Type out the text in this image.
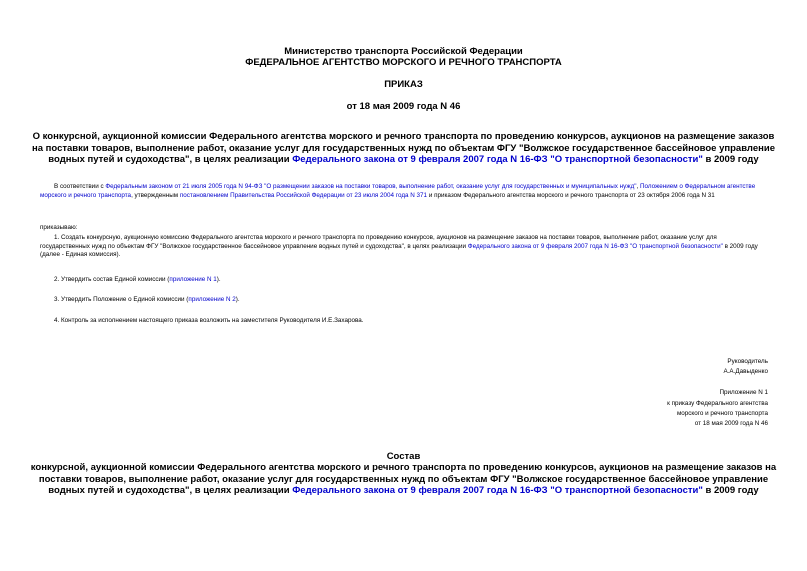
Министерство транспорта Российской Федерации
ФЕДЕРАЛЬНОЕ АГЕНТСТВО МОРСКОГО И РЕЧНОГО ТРАНСПОРТА
ПРИКАЗ
от 18 мая 2009 года N 46
О конкурсной, аукционной комиссии Федерального агентства морского и речного транспорта по проведению конкурсов, аукционов на размещение заказов на поставки товаров, выполнение работ, оказание услуг для государственных нужд по объектам ФГУ "Волжское государственное бассейновое управление водных путей и судоходства", в целях реализации Федерального закона от 9 февраля 2007 года N 16-ФЗ "О транспортной безопасности" в 2009 году
В соответствии с Федеральным законом от 21 июля 2005 года N 94-ФЗ "О размещении заказов на поставки товаров, выполнение работ, оказание услуг для государственных и муниципальных нужд", Положением о Федеральном агентстве морского и речного транспорта, утвержденным постановлением Правительства Российской Федерации от 23 июля 2004 года N 371 и приказом Федерального агентства морского и речного транспорта от 23 октября 2006 года N 31
приказываю:
1. Создать конкурсную, аукционную комиссию Федерального агентства морского и речного транспорта по проведению конкурсов, аукционов на размещение заказов на поставки товаров, выполнение работ, оказание услуг для государственных нужд по объектам ФГУ "Волжское государственное бассейновое управление водных путей и судоходства", в целях реализации Федерального закона от 9 февраля 2007 года N 16-ФЗ "О транспортной безопасности" в 2009 году (далее - Единая комиссия).
2. Утвердить состав Единой комиссии (приложение N 1).
3. Утвердить Положение о Единой комиссии (приложение N 2).
4. Контроль за исполнением настоящего приказа возложить на заместителя Руководителя И.Е.Захарова.
Руководитель
А.А.Давыденко
Приложение N 1
к приказу Федерального агентства
морского и речного транспорта
от 18 мая 2009 года N 46
Состав
конкурсной, аукционной комиссии Федерального агентства морского и речного транспорта по проведению конкурсов, аукционов на размещение заказов на поставки товаров, выполнение работ, оказание услуг для государственных нужд по объектам ФГУ "Волжское государственное бассейновое управление водных путей и судоходства", в целях реализации Федерального закона от 9 февраля 2007 года N 16-ФЗ "О транспортной безопасности" в 2009 году
